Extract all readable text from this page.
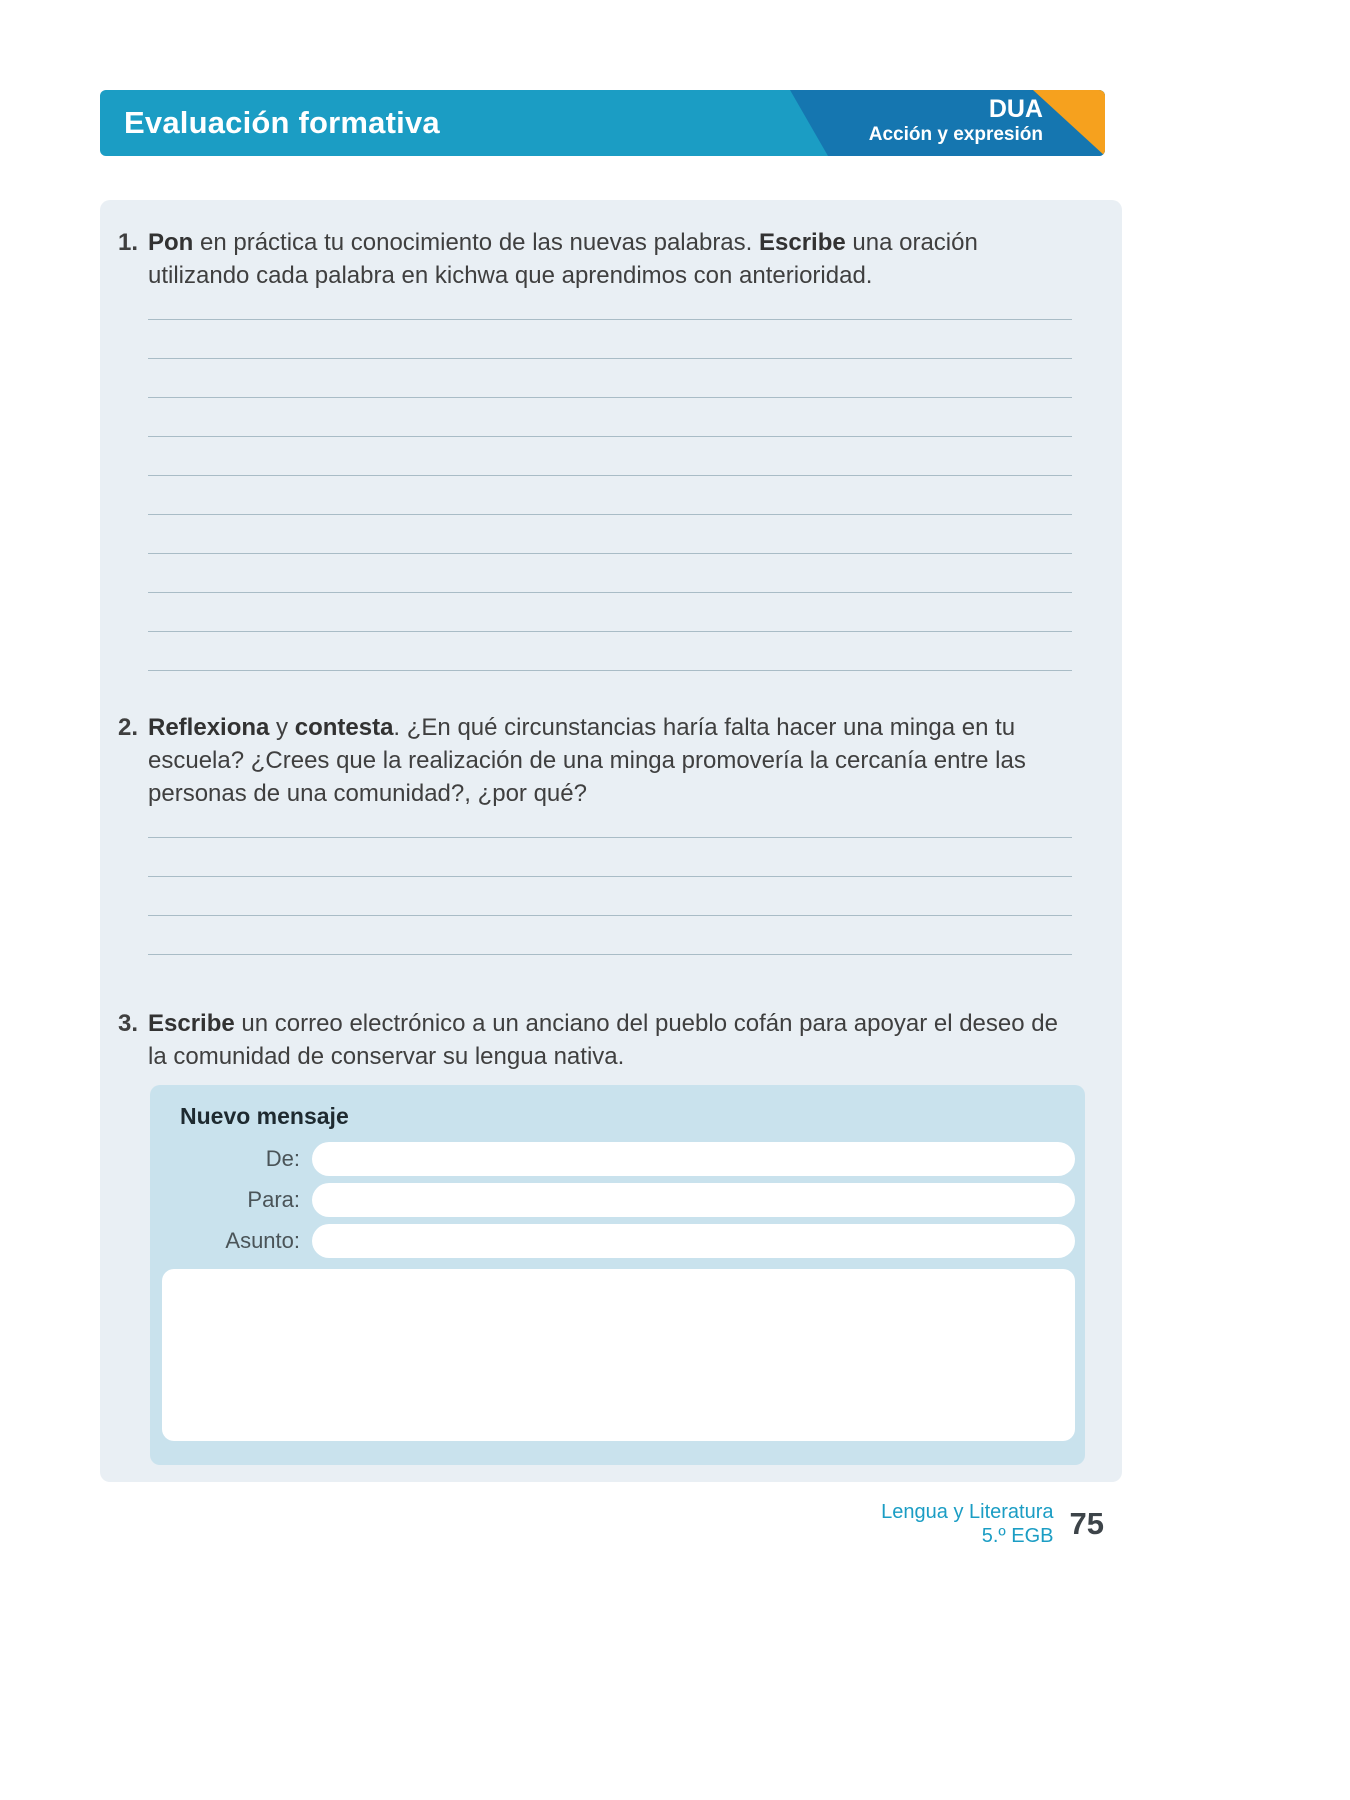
Evaluación formativa	DUA
Acción y expresión
1. Pon en práctica tu conocimiento de las nuevas palabras. Escribe una oración utilizando cada palabra en kichwa que aprendimos con anterioridad.

2. Reflexiona y contesta. ¿En qué circunstancias haría falta hacer una minga en tu escuela? ¿Crees que la realización de una minga promovería la cercanía entre las personas de una comunidad?, ¿por qué?

3. Escribe un correo electrónico a un anciano del pueblo cofán para apoyar el deseo de la comunidad de conservar su lengua nativa.

Nuevo mensaje
De:
Para:
Asunto:
Lengua y Literatura
5.º EGB 75
